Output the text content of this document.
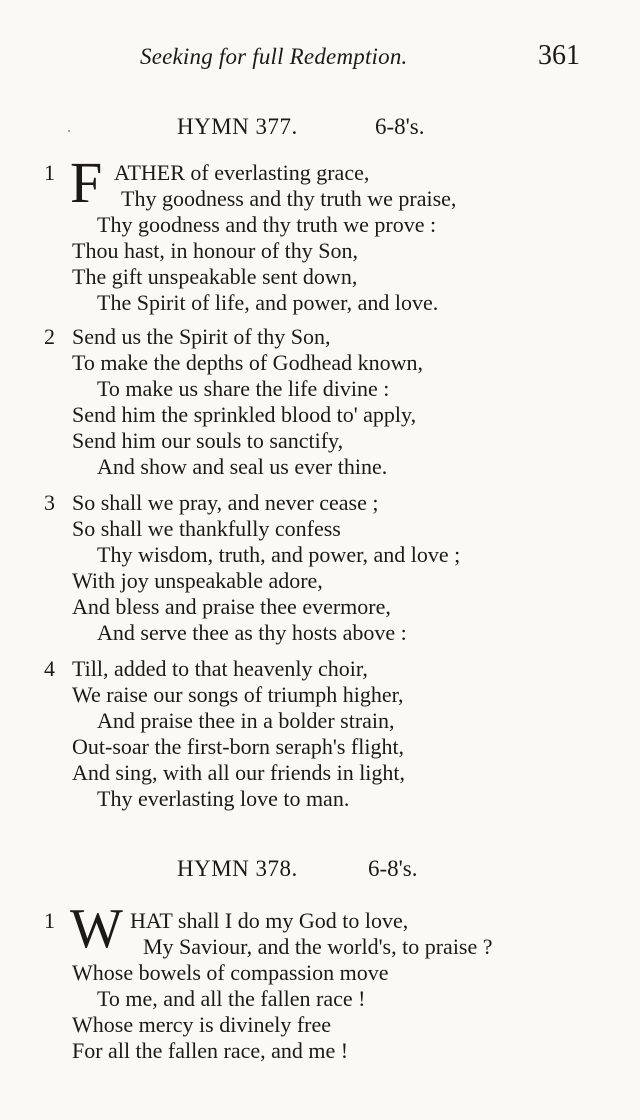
Seeking for full Redemption.	361
HYMN 377.	6-8's.
1 F ATHER of everlasting grace,
Thy goodness and thy truth we praise,
Thy goodness and thy truth we prove :
Thou hast, in honour of thy Son,
The gift unspeakable sent down,
The Spirit of life, and power, and love.
2 Send us the Spirit of thy Son,
To make the depths of Godhead known,
To make us share the life divine :
Send him the sprinkled blood to' apply,
Send him our souls to sanctify,
And show and seal us ever thine.
3 So shall we pray, and never cease ;
So shall we thankfully confess
Thy wisdom, truth, and power, and love ;
With joy unspeakable adore,
And bless and praise thee evermore,
And serve thee as thy hosts above :
4 Till, added to that heavenly choir,
We raise our songs of triumph higher,
And praise thee in a bolder strain,
Out-soar the first-born seraph's flight,
And sing, with all our friends in light,
Thy everlasting love to man.
HYMN 378.	6-8's.
1 W HAT shall I do my God to love,
My Saviour, and the world's, to praise ?
Whose bowels of compassion move
To me, and all the fallen race !
Whose mercy is divinely free
For all the fallen race, and me !
